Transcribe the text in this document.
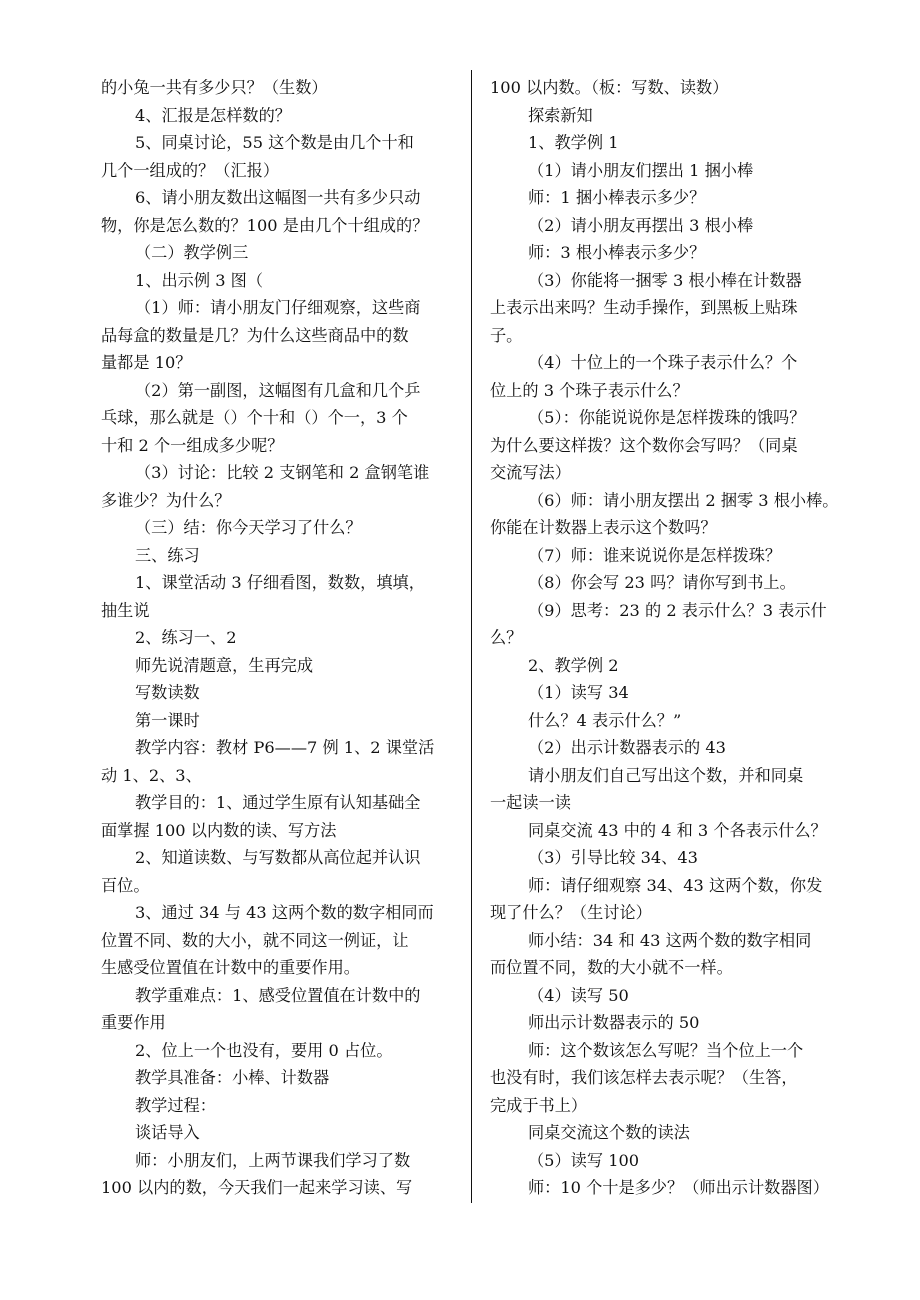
的小兔一共有多少只？（生数）
4、汇报是怎样数的？
5、同桌讨论，55 这个数是由几个十和
几个一组成的？（汇报）
6、请小朋友数出这幅图一共有多少只动
物，你是怎么数的？100 是由几个十组成的？
（二）教学例三
1、出示例 3 图（
（1）师：请小朋友门仔细观察，这些商
品每盒的数量是几？为什么这些商品中的数
量都是 10？
（2）第一副图，这幅图有几盒和几个乒
乓球，那么就是（）个十和（）个一，3 个
十和 2 个一组成多少呢？
（3）讨论：比较 2 支钢笔和 2 盒钢笔谁
多谁少？为什么？
（三）结：你今天学习了什么？
三、练习
1、课堂活动 3 仔细看图，数数，填填，
抽生说
2、练习一、2
师先说清题意，生再完成
写数读数
第一课时
教学内容：教材 P6——7 例 1、2 课堂活
动 1、2、3、
教学目的：1、通过学生原有认知基础全
面掌握 100 以内数的读、写方法
2、知道读数、与写数都从高位起并认识
百位。
3、通过 34 与 43 这两个数的数字相同而
位置不同、数的大小，就不同这一例证，让
生感受位置值在计数中的重要作用。
教学重难点：1、感受位置值在计数中的
重要作用
2、位上一个也没有，要用 0 占位。
教学具准备：小棒、计数器
教学过程：
谈话导入
师：小朋友们，上两节课我们学习了数
100 以内的数，今天我们一起来学习读、写
100 以内数。（板：写数、读数）
探索新知
1、教学例 1
（1）请小朋友们摆出 1 捆小棒
师：1 捆小棒表示多少？
（2）请小朋友再摆出 3 根小棒
师：3 根小棒表示多少？
（3）你能将一捆零 3 根小棒在计数器
上表示出来吗？生动手操作，到黑板上贴珠
子。
（4）十位上的一个珠子表示什么？个
位上的 3 个珠子表示什么？
（5）：你能说说你是怎样拨珠的饿吗？
为什么要这样拨？这个数你会写吗？（同桌
交流写法）
（6）师：请小朋友摆出 2 捆零 3 根小棒。
你能在计数器上表示这个数吗？
（7）师：谁来说说你是怎样拨珠？
（8）你会写 23 吗？请你写到书上。
（9）思考：23 的 2 表示什么？3 表示什
么？
2、教学例 2
（1）读写 34
什么？4 表示什么？”
（2）出示计数器表示的 43
请小朋友们自己写出这个数，并和同桌
一起读一读
同桌交流 43 中的 4 和 3 个各表示什么？
（3）引导比较 34、43
师：请仔细观察 34、43 这两个数，你发
现了什么？（生讨论）
师小结：34 和 43 这两个数的数字相同
而位置不同，数的大小就不一样。
（4）读写 50
师出示计数器表示的 50
师：这个数该怎么写呢？当个位上一个
也没有时，我们该怎样去表示呢？（生答，
完成于书上）
同桌交流这个数的读法
（5）读写 100
师：10 个十是多少？（师出示计数器图）
